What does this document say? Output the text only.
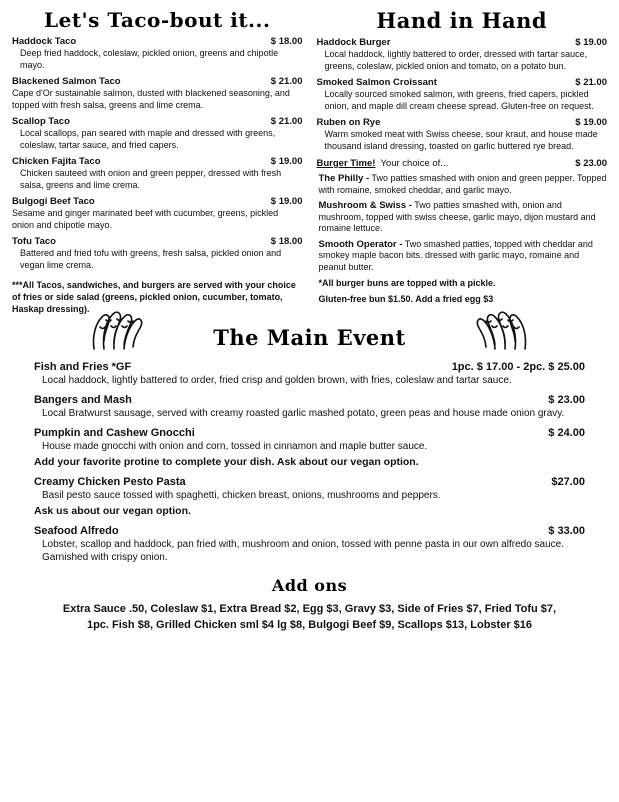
Let's Taco-bout it...
Haddock Taco	$ 18.00
Deep fried haddock, coleslaw, pickled onion, greens and chipotle mayo.
Blackened Salmon Taco	$ 21.00
Cape d'Or sustainable salmon, dusted with blackened seasoning, and topped with fresh salsa, greens and lime crema.
Scallop Taco	$ 21.00
Local scallops, pan seared with maple and dressed with greens, coleslaw, tartar sauce, and fried capers.
Chicken Fajita Taco	$ 19.00
Chicken sauteed with onion and green pepper, dressed with fresh salsa, greens and lime crema.
Bulgogi Beef Taco	$ 19.00
Sesame and ginger marinated beef with cucumber, greens, pickled onion and chipotle mayo.
Tofu Taco	$ 18.00
Battered and fried tofu with greens, fresh salsa, pickled onion and vegan lime crema.
***All Tacos, sandwiches, and burgers are served with your choice of fries or side salad (greens, pickled onion, cucumber, tomato, Haskap dressing).
Hand in Hand
Haddock Burger	$ 19.00
Local haddock, lightly battered to order, dressed with tartar sauce, greens, coleslaw, pickled onion and tomato, on a potato bun.
Smoked Salmon Croissant	$ 21.00
Locally sourced smoked salmon, with greens, fried capers, pickled onion, and maple dill cream cheese spread. Gluten-free on request.
Ruben on Rye	$ 19.00
Warm smoked meat with Swiss cheese, sour kraut, and house made thousand island dressing, toasted on garlic buttered rye bread.
Burger Time! Your choice of...	$ 23.00
The Philly - Two patties smashed with onion and green pepper. Topped with romaine, smoked cheddar, and garlic mayo.
Mushroom & Swiss - Two patties smashed with, onion and mushroom, topped with swiss cheese, garlic mayo, dijon mustard and romaine lettuce.
Smooth Operator - Two smashed patties, topped with cheddar and smokey maple bacon bits. dressed with garlic mayo, romaine and peanut butter.
*All burger buns are topped with a pickle.
Gluten-free bun $1.50. Add a fried egg $3
The Main Event
Fish and Fries *GF	1pc. $ 17.00 - 2pc. $ 25.00
Local haddock, lightly battered to order, fried crisp and golden brown, with fries, coleslaw and tartar sauce.
Bangers and Mash	$ 23.00
Local Bratwurst sausage, served with creamy roasted garlic mashed potato, green peas and house made onion gravy.
Pumpkin and Cashew Gnocchi	$ 24.00
House made gnocchi with onion and corn, tossed in cinnamon and maple butter sauce.
Add your favorite protine to complete your dish. Ask about our vegan option.
Creamy Chicken Pesto Pasta	$27.00
Basil pesto sauce tossed with spaghetti, chicken breast, onions, mushrooms and peppers.
Ask us about our vegan option.
Seafood Alfredo	$ 33.00
Lobster, scallop and haddock, pan fried with, mushroom and onion, tossed with penne pasta in our own alfredo sauce. Garnished with crispy onion.
Add ons
Extra Sauce .50, Coleslaw $1, Extra Bread $2, Egg $3, Gravy $3, Side of Fries $7, Fried Tofu $7,
1pc. Fish $8, Grilled Chicken sml $4 lg $8, Bulgogi Beef $9, Scallops $13, Lobster $16
